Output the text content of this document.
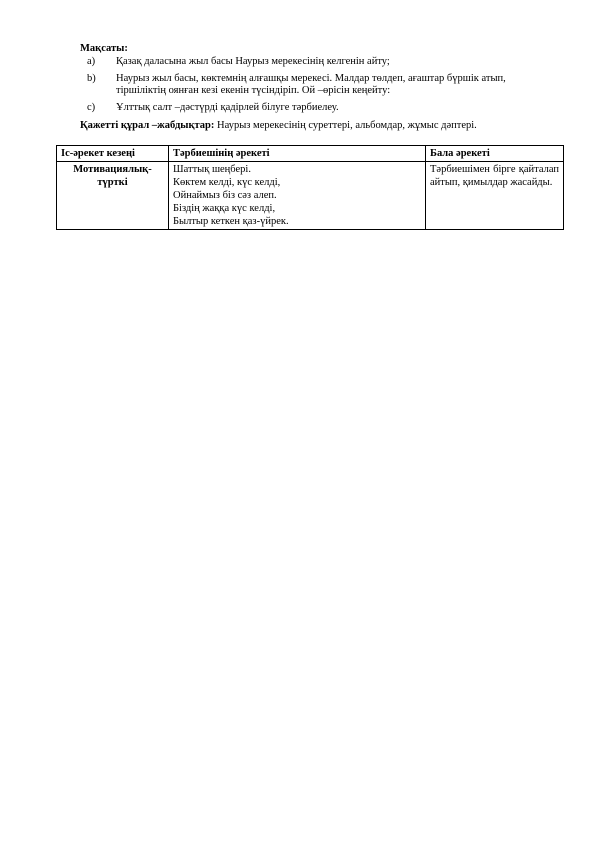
Мақсаты:
a)	Қазақ даласына жыл басы Наурыз мерекесінің келгенін айту;
b)	Наурыз жыл басы, көктемнің алғашқы мерекесі. Малдар төлдеп, ағаштар бүршік атып, тіршіліктің оянған кезі екенін түсіндіріп. Ой –өрісін кеңейту:
c)	Ұлттық салт –дәстүрді қадірлей білуге тәрбиелеу.
Қажетті құрал –жабдықтар: Наурыз мерекесінің суреттері, альбомдар, жұмыс дәптері.
Іс-әрекет кезеңі	Тәрбиешінің әрекеті	Бала әрекеті
Мотивациялық-түрткі	Шаттық шеңбері.
Көктем келді, күс келді,
Ойнаймыз біз сәз алеп.
Біздің жаққа күс келді,
Былтыр кеткен қаз-үйрек.	Тәрбиешімен бірге қайталап айтып, қимылдар жасайды.
